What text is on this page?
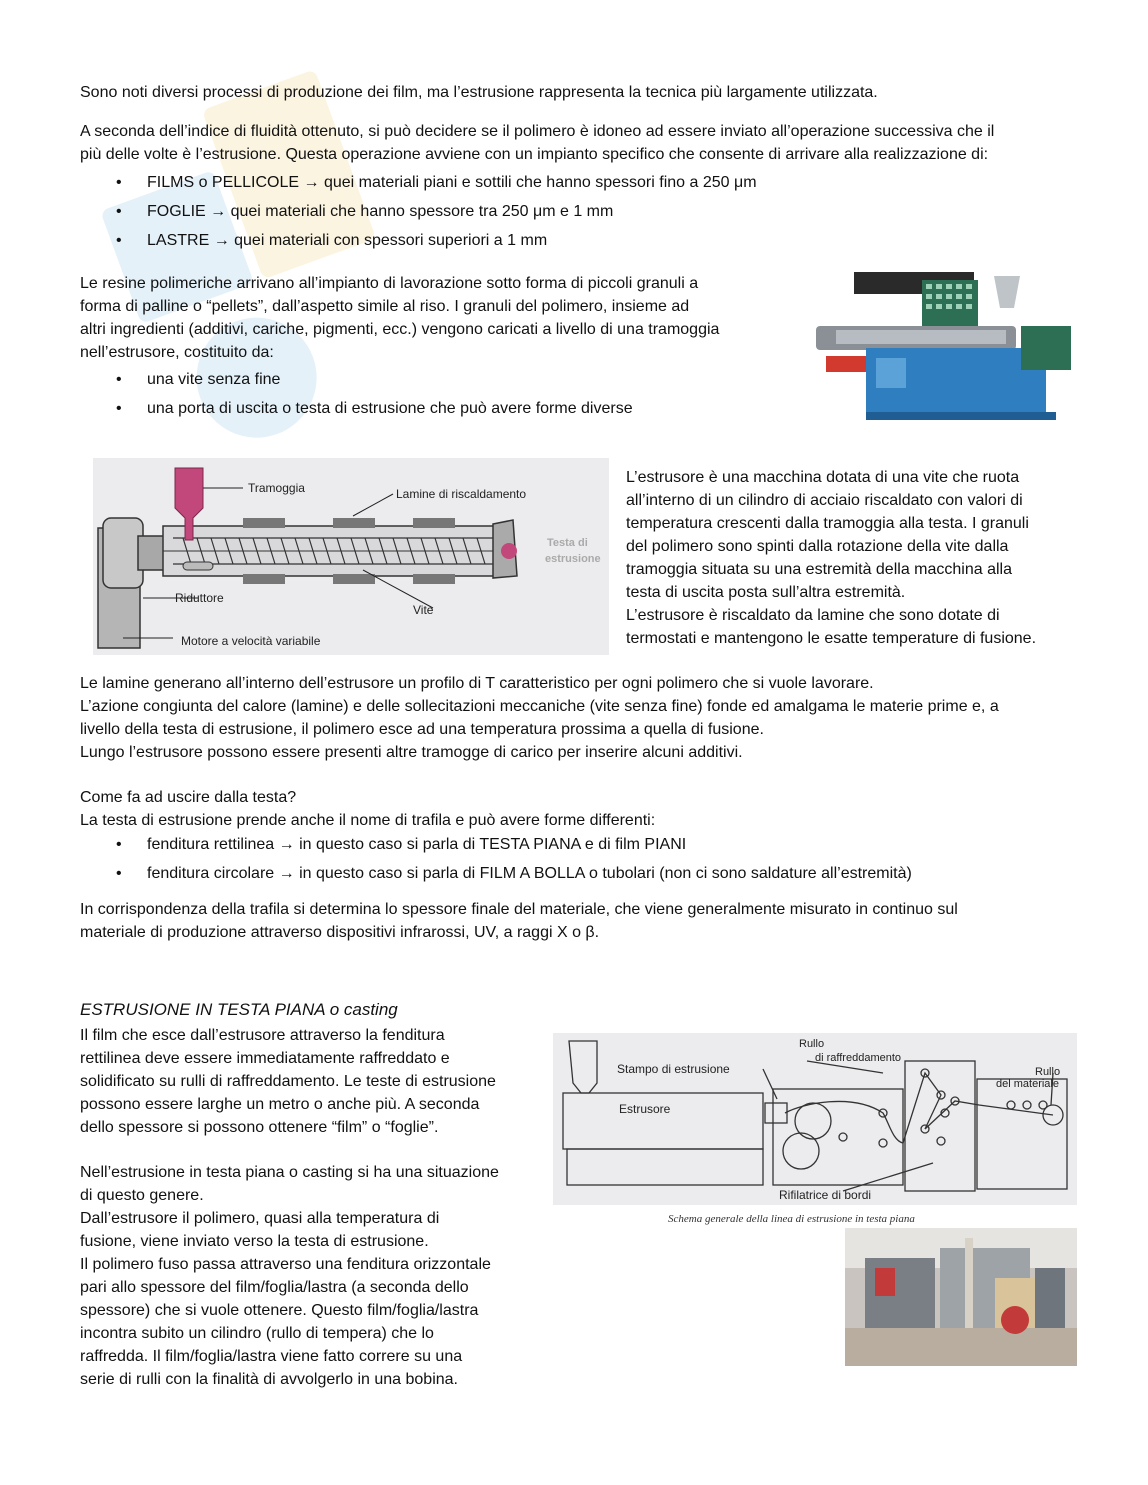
Sono noti diversi processi di produzione dei film, ma l’estrusione rappresenta la tecnica più largamente utilizzata.

A seconda dell’indice di fluidità ottenuto, si può decidere se il polimero è idoneo ad essere inviato all’operazione successiva che il

più delle volte è l’estrusione. Questa operazione avviene con un impianto specifico che consente di arrivare alla realizzazione di:

• FILMS o PELLICOLE → quei materiali piani e sottili che hanno spessori fino a 250 μm
• FOGLIE → quei materiali che hanno spessore tra 250 μm e 1 mm
• LASTRE → quei materiali con spessori superiori a 1 mm

Le resine polimeriche arrivano all’impianto di lavorazione sotto forma di piccoli granuli a

forma di palline o “pellets”, dall’aspetto simile al riso. I granuli del polimero, insieme ad

altri ingredienti (additivi, cariche, pigmenti, ecc.) vengono caricati a livello di una tramoggia

nell’estrusore, costituito da:

• una vite senza fine
• una porta di uscita o testa di estrusione che può avere forme diverse
Tramoggia	Lamine di riscaldamento
Testa di
estrusione
Riduttore
Vite
Motore a velocità variabile

L’estrusore è una macchina dotata di una vite che ruota

all’interno di un cilindro di acciaio riscaldato con valori di

temperatura crescenti dalla tramoggia alla testa. I granuli

del polimero sono spinti dalla rotazione della vite dalla

tramoggia situata su una estremità della macchina alla

testa di uscita posta sull’altra estremità.

L’estrusore è riscaldato da lamine che sono dotate di

termostati e mantengono le esatte temperature di fusione.

Le lamine generano all’interno dell’estrusore un profilo di T caratteristico per ogni polimero che si vuole lavorare.

L’azione congiunta del calore (lamine) e delle sollecitazioni meccaniche (vite senza fine) fonde ed amalgama le materie prime e, a

livello della testa di estrusione, il polimero esce ad una temperatura prossima a quella di fusione.

Lungo l’estrusore possono essere presenti altre tramogge di carico per inserire alcuni additivi.

Come fa ad uscire dalla testa?

La testa di estrusione prende anche il nome di trafila e può avere forme differenti:

• fenditura rettilinea → in questo caso si parla di TESTA PIANA e di film PIANI
• fenditura circolare → in questo caso si parla di FILM A BOLLA o tubolari (non ci sono saldature all’estremità)

In corrispondenza della trafila si determina lo spessore finale del materiale, che viene generalmente misurato in continuo sul

materiale di produzione attraverso dispositivi infrarossi, UV, a raggi X o β.

ESTRUSIONE IN TESTA PIANA o casting

Il film che esce dall’estrusore attraverso la fenditura

rettilinea deve essere immediatamente raffreddato e

solidificato su rulli di raffreddamento. Le teste di estrusione

possono essere larghe un metro o anche più. A seconda

dello spessore si possono ottenere “film” o “foglie”.

Nell’estrusione in testa piana o casting si ha una situazione

di questo genere.

Dall’estrusore il polimero, quasi alla temperatura di

fusione, viene inviato verso la testa di estrusione.

Il polimero fuso passa attraverso una fenditura orizzontale

pari allo spessore del film/foglia/lastra (a seconda dello

spessore) che si vuole ottenere. Questo film/foglia/lastra

incontra subito un cilindro (rullo di tempera) che lo

raffredda. Il film/foglia/lastra viene fatto correre su una

serie di rulli con la finalità di avvolgerlo in una bobina.

Stampo di estrusione
Rullo
di raffreddamento
Rullo
del materiale
Estrusore
Rifilatrice di bordi

Schema generale della linea di estrusione in testa piana
